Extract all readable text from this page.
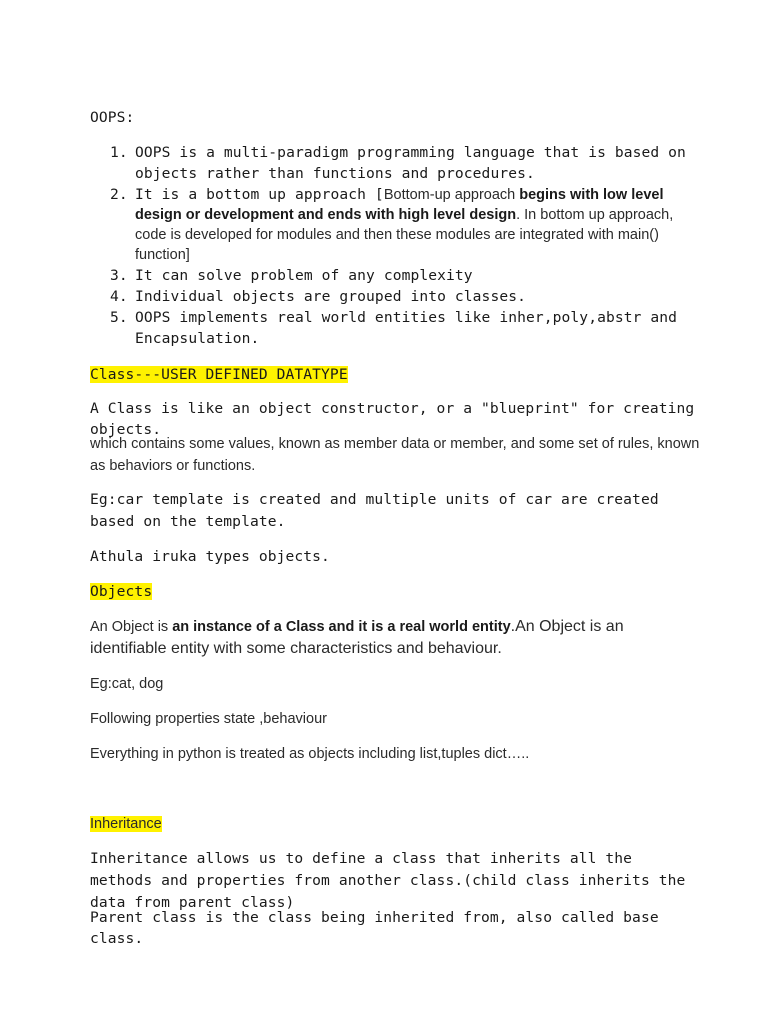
OOPS:
1. OOPS is a multi-paradigm programming language that is based on objects rather than functions and procedures.
2. It is a bottom up approach [Bottom-up approach begins with low level design or development and ends with high level design. In bottom up approach, code is developed for modules and then these modules are integrated with main() function]
3. It can solve problem of any complexity
4. Individual objects are grouped into classes.
5. OOPS implements real world entities like inher,poly,abstr and Encapsulation.
Class---USER DEFINED DATATYPE
A Class is like an object constructor, or a "blueprint" for creating objects.
which contains some values, known as member data or member, and some set of rules, known as behaviors or functions.
Eg:car template is created and multiple units of car are created based on the template.
Athula iruka types objects.
Objects
An Object is an instance of a Class and it is a real world entity.An Object is an identifiable entity with some characteristics and behaviour.
Eg:cat, dog
Following properties state ,behaviour
Everything in python is treated as objects including list,tuples dict…..
Inheritance
Inheritance allows us to define a class that inherits all the methods and properties from another class.(child class inherits the data from parent class)
Parent class is the class being inherited from, also called base class.
